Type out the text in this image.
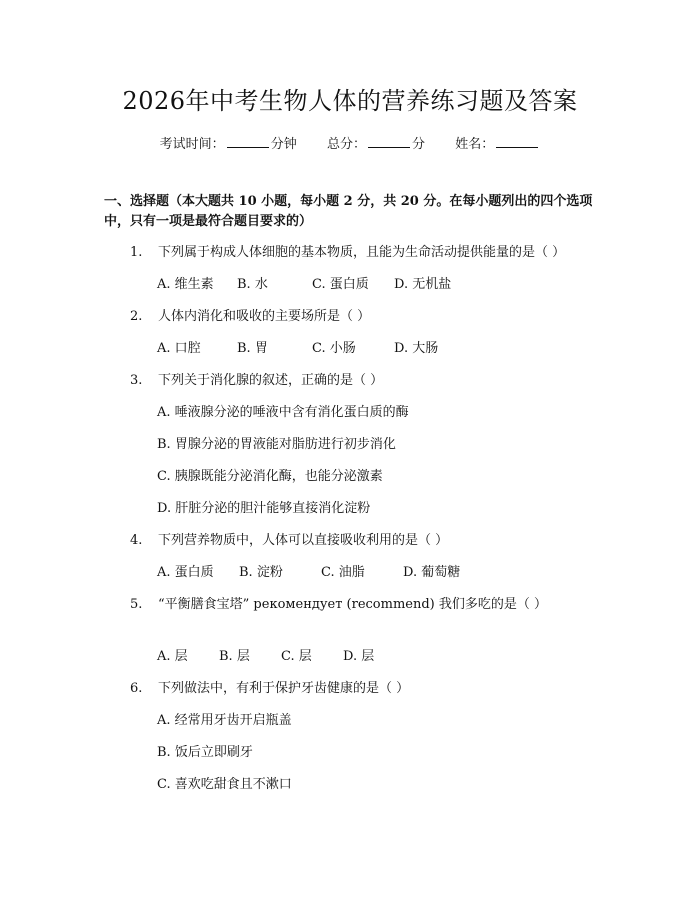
2026年中考生物人体的营养练习题及答案
考试时间：	分钟 总分：	分 姓名：
一、选择题（本大题共 10 小题，每小题 2 分，共 20 分。在每小题列出的四个选项中，只有一项是最符合题目要求的）
1. 下列属于构成人体细胞的基本物质，且能为生命活动提供能量的是（ ）
A. 维生素 B. 水	C. 蛋白质 D. 无机盐
2. 人体内消化和吸收的主要场所是（ ）
A. 口腔	B. 胃	C. 小肠	D. 大肠
3. 下列关于消化腺的叙述，正确的是（ ）
A. 唾液腺分泌的唾液中含有消化蛋白质的酶
B. 胃腺分泌的胃液能对脂肪进行初步消化
C. 胰腺既能分泌消化酶，也能分泌激素
D. 肝脏分泌的胆汁能够直接消化淀粉
4. 下列营养物质中，人体可以直接吸收利用的是（ ）
A. 蛋白质 B. 淀粉	C. 油脂	D. 葡萄糖
5. “平衡膳食宝塔” рекомендует (recommend) 我们多吃的是（ ）
A. 层 B. 层 C. 层 D. 层
6. 下列做法中，有利于保护牙齿健康的是（ ）
A. 经常用牙齿开启瓶盖
B. 饭后立即刷牙
C. 喜欢吃甜食且不漱口
